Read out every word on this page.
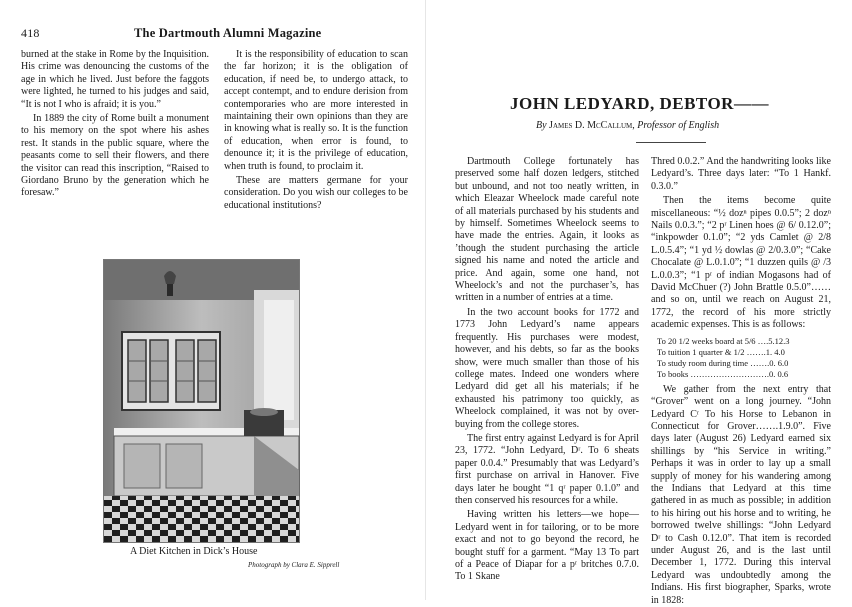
418	The Dartmouth Alumni Magazine

burned at the stake in Rome by the Inquisition. His crime was denouncing the customs of the age in which he lived. Just before the faggots were lighted, he turned to his judges and said, “It is not I who is afraid; it is you.”

In 1889 the city of Rome built a monument to his memory on the spot where his ashes rest. It stands in the public square, where the peasants come to sell their flowers, and there the visitor can read this inscription, “Raised to Giordano Bruno by the generation which he foresaw.”

It is the responsibility of education to scan the far horizon; it is the obligation of education, if need be, to undergo attack, to accept contempt, and to endure derision from contemporaries who are more interested in maintaining their own opinions than they are in knowing what is really so. It is the function of education, when error is found, to denounce it; it is the privilege of education, when truth is found, to proclaim it.

These are matters germane for your consideration. Do you wish our colleges to be educational institutions?

A Diet Kitchen in Dick’s House
Photograph by Clara E. Sipprell
JOHN LEDYARD, DEBTOR——
By James D. McCallum, Professor of English

Dartmouth College fortunately has preserved some half dozen ledgers, stitched but unbound, and not too neatly written, in which Eleazar Wheelock made careful note of all materials purchased by his students and by himself. Sometimes Wheelock seems to have made the entries. Again, it looks as ’though the student purchasing the article signed his name and noted the article and price. And again, some one hand, not Wheelock’s and not the purchaser’s, has written in a number of entries at a time.

In the two account books for 1772 and 1773 John Ledyard’s name appears frequently. His purchases were modest, however, and his debts, so far as the books show, were much smaller than those of his college mates. Indeed one wonders where Ledyard did get all his materials; if he exhausted his patrimony too quickly, as Wheelock complained, it was not by over-buying from the college stores.

The first entry against Ledyard is for April 23, 1772. “John Ledyard, Dʳ. To 6 sheats paper 0.0.4.” Presumably that was Ledyard’s first purchase on arrival in Hanover. Five days later he bought “1 qʳ paper 0.1.0” and then conserved his resources for a while.

Having written his letters—we hope—Ledyard went in for tailoring, or to be more exact and not to go beyond the record, he bought stuff for a garment. “May 13 To part of a Peace of Diapar for a pʳ britches 0.7.0. To 1 Skane

Thred 0.0.2.” And the handwriting looks like Ledyard’s. Three days later: “To 1 Hankf. 0.3.0.”

Then the items become quite miscellaneous: “½ dozⁿ pipes 0.0.5”; 2 dozⁿ Nails 0.0.3.”; “2 pʳ Linen hoes @ 6/ 0.12.0”; “inkpowder 0.1.0”; “2 yds Camlet @ 2/8 L.0.5.4”; “1 yd ½ dowlas @ 2/0.3.0”; “Cake Chocalate @ L.0.1.0”; “1 duzzen quils @ /3 L.0.0.3”; “1 pʳ of indian Mogasons had of David McChuer (?) John Brattle 0.5.0”…… and so on, until we reach on August 21, 1772, the record of his more strictly academic expenses. This is as follows:

To 20 1/2 weeks board at 5/6 ….5.12.3
To tuition 1 quarter & 1/2 …….1. 4.0
To study room during time …….0. 6.0
To books ……………………….0. 0.6

We gather from the next entry that “Grover” went on a long journey. “John Ledyard Cʳ To his Horse to Lebanon in Connecticut for Grover…….1.9.0”. Five days later (August 26) Ledyard earned six shillings by “his Service in writing.” Perhaps it was in order to lay up a small supply of money for his wandering among the Indians that Ledyard at this time gathered in as much as possible; in addition to his hiring out his horse and to writing, he borrowed twelve shillings: “John Ledyard Dʳ to Cash 0.12.0”. That item is recorded under August 26, and is the last until December 1, 1772. During this interval Ledyard was undoubtedly among the Indians. His first biographer, Sparks, wrote in 1828:
